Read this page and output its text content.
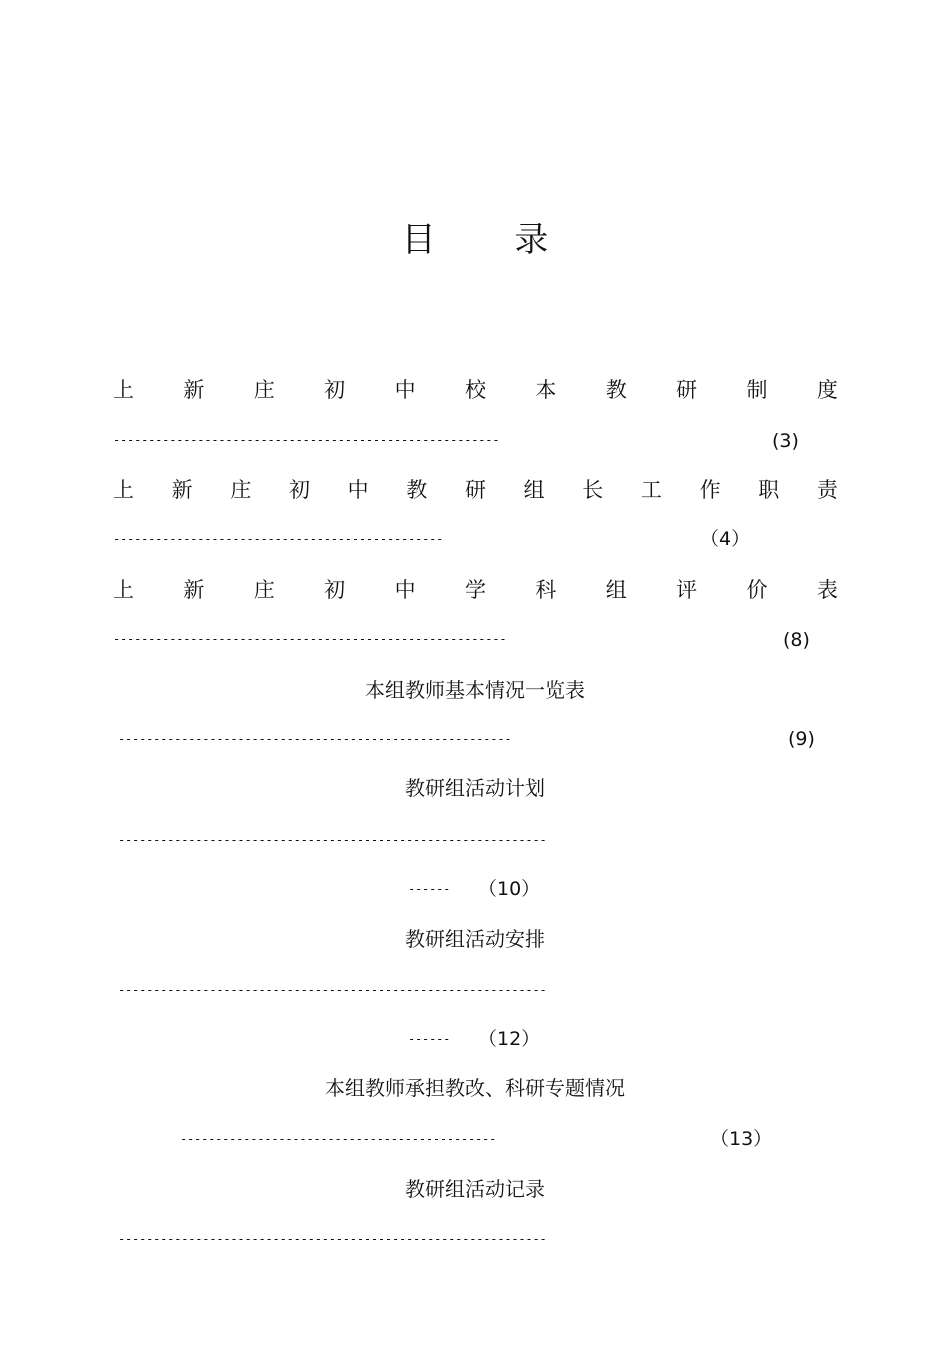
目 录
上 新 庄 初 中 校 本 教 研 制 度
-------------------------------------------------------	(3)
上 新 庄 初 中 教 研 组 长 工 作 职 责
-----------------------------------------------	（4）
上 新 庄 初 中 学 科 组 评 价 表
--------------------------------------------------------	(8)
本组教师基本情况一览表
--------------------------------------------------------	(9)
教研组活动计划
-------------------------------------------------------------
------ （10）
教研组活动安排
-------------------------------------------------------------
------ （12）
本组教师承担教改、科研专题情况
---------------------------------------------	（13）
教研组活动记录
-------------------------------------------------------------
